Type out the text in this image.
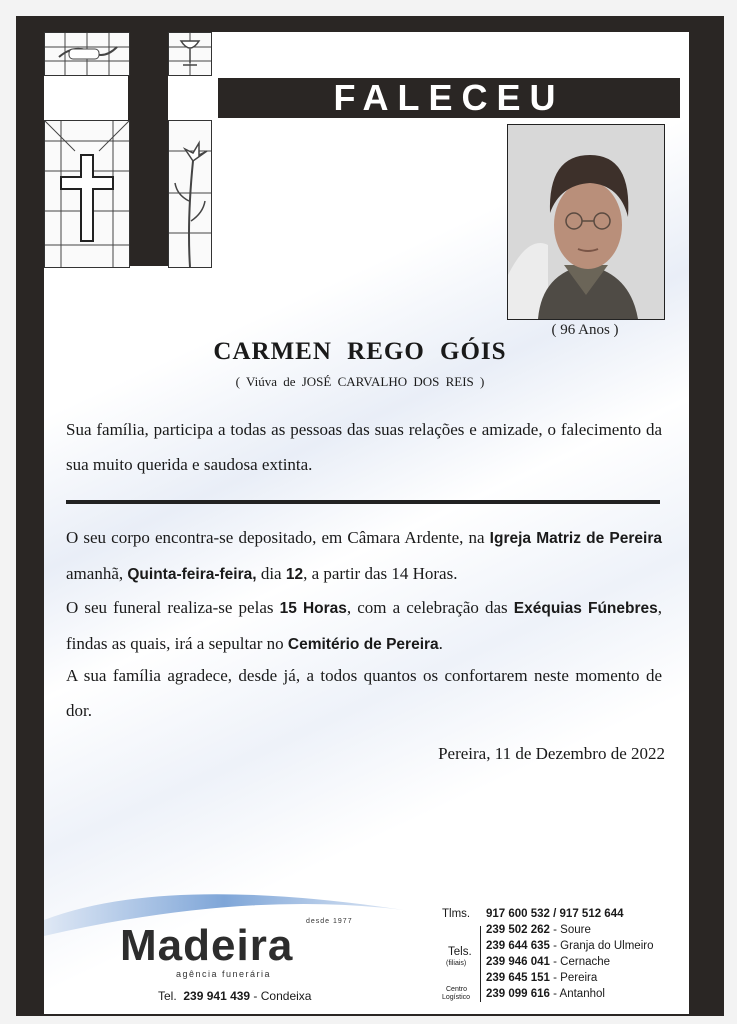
FALECEU
( 96 Anos )
CARMEN REGO GÓIS
( Viúva de JOSÉ CARVALHO DOS REIS )
Sua família, participa a todas as pessoas das suas relações e amizade, o falecimento da sua muito querida e saudosa extinta.
O seu corpo encontra-se depositado, em Câmara Ardente, na Igreja Matriz de Pereira amanhã, Quinta-feira-feira, dia 12, a partir das 14 Horas.
O seu funeral realiza-se pelas 15 Horas, com a celebração das Exéquias Fúnebres, findas as quais, irá a sepultar no Cemitério de Pereira.
A sua família agradece, desde já, a todos quantos os confortarem neste momento de dor.
Pereira, 11 de Dezembro de 2022
Madeira desde 1977
agência funerária
Tel. 239 941 439 - Condeixa
Tlms. 917 600 532 / 917 512 644
Tels.
(filiais)
Centro
Logístico
239 502 262 - Soure
239 644 635 - Granja do Ulmeiro
239 946 041 - Cernache
239 645 151 - Pereira
239 099 616 - Antanhol
